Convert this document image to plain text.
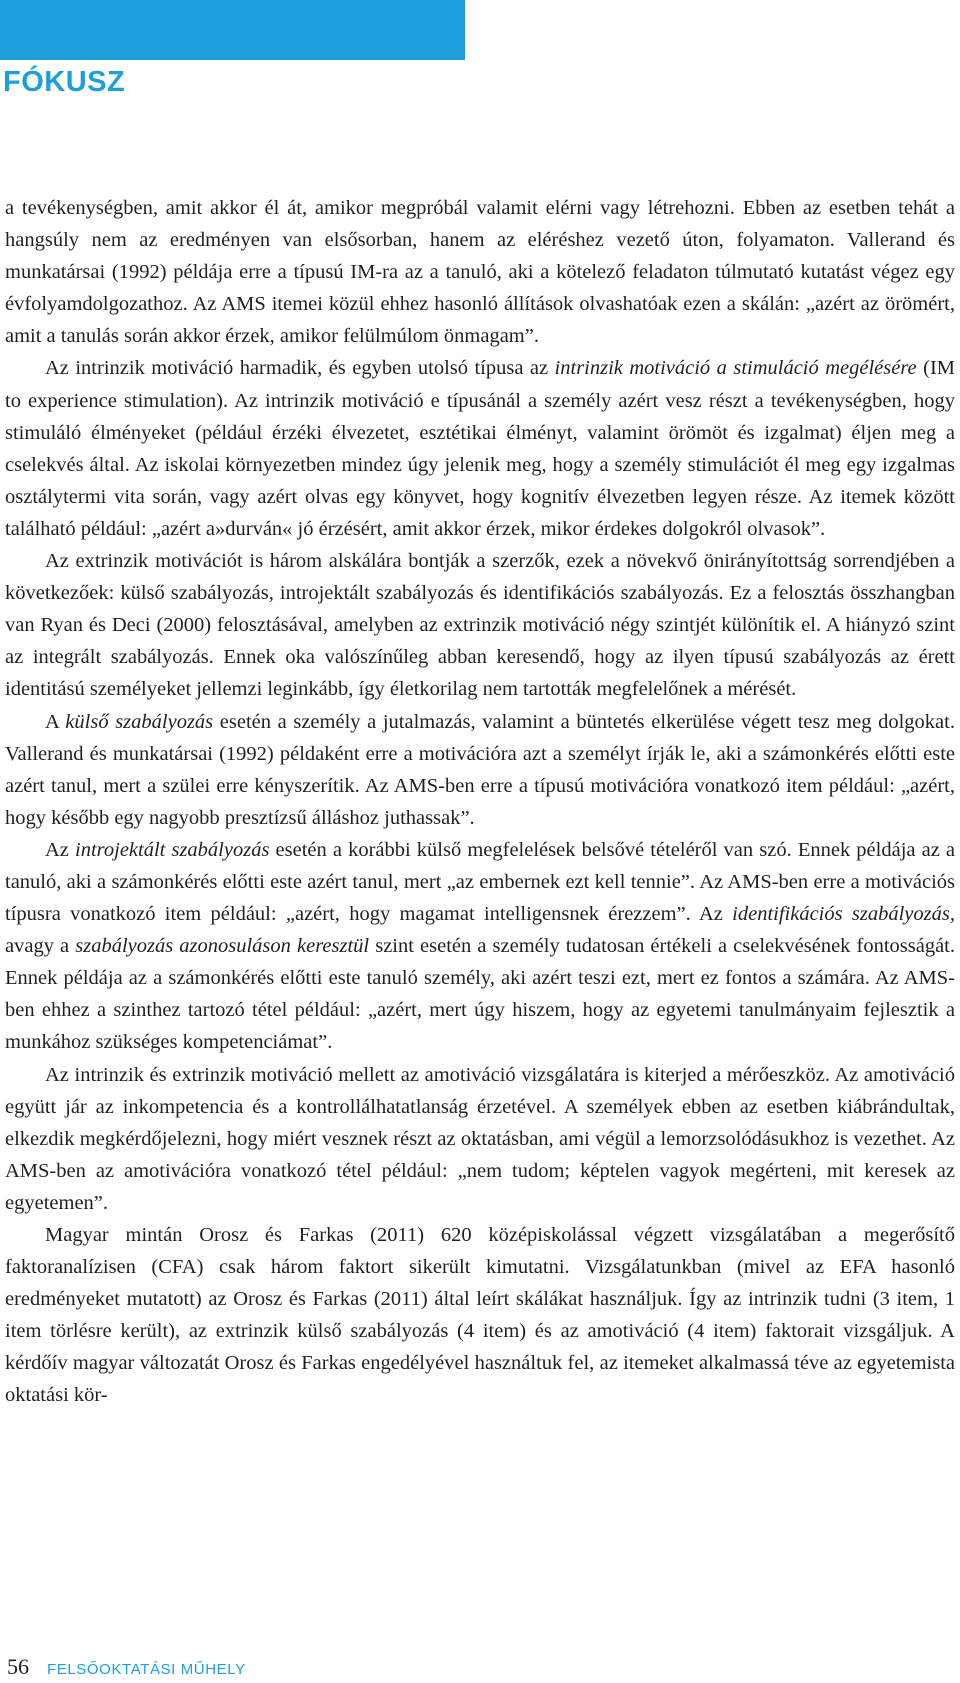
FÓKUSZ

a tevékenységben, amit akkor él át, amikor megpróbál valamit elérni vagy létrehozni. Ebben az esetben tehát a hangsúly nem az eredményen van elsősorban, hanem az eléréshez vezető úton, folyamaton. Vallerand és munkatársai (1992) példája erre a típusú IM-ra az a tanuló, aki a kötelező feladaton túlmutató kutatást végez egy évfolyamdolgozathoz. Az AMS itemei közül ehhez hasonló állítások olvashatóak ezen a skálán: „azért az örömért, amit a tanulás során akkor érzek, amikor felülmúlom önmagam”.

Az intrinzik motiváció harmadik, és egyben utolsó típusa az intrinzik motiváció a stimuláció megélésére (IM to experience stimulation). Az intrinzik motiváció e típusánál a személy azért vesz részt a tevékenységben, hogy stimuláló élményeket (például érzéki élvezetet, esztétikai élményt, valamint örömöt és izgalmat) éljen meg a cselekvés által. Az iskolai környezetben mindez úgy jelenik meg, hogy a személy stimulációt él meg egy izgalmas osztálytermi vita során, vagy azért olvas egy könyvet, hogy kognitív élvezetben legyen része. Az itemek között található például: „azért a»durván« jó érzésért, amit akkor érzek, mikor érdekes dolgokról olvasok”.

Az extrinzik motivációt is három alskálára bontják a szerzők, ezek a növekvő önirányítottság sorrendjében a következőek: külső szabályozás, introjektált szabályozás és identifikációs szabályozás. Ez a felosztás összhangban van Ryan és Deci (2000) felosztásával, amelyben az extrinzik motiváció négy szintjét különítik el. A hiányzó szint az integrált szabályozás. Ennek oka valószínűleg abban keresendő, hogy az ilyen típusú szabályozás az érett identitású személyeket jellemzi leginkább, így életkorilag nem tartották megfelelőnek a mérését.

A külső szabályozás esetén a személy a jutalmazás, valamint a büntetés elkerülése végett tesz meg dolgokat. Vallerand és munkatársai (1992) példaként erre a motivációra azt a személyt írják le, aki a számonkérés előtti este azért tanul, mert a szülei erre kényszerítik. Az AMS-ben erre a típusú motivációra vonatkozó item például: „azért, hogy később egy nagyobb presztízsű álláshoz juthassak”.

Az introjektált szabályozás esetén a korábbi külső megfelelések belsővé tételéről van szó. Ennek példája az a tanuló, aki a számonkérés előtti este azért tanul, mert „az embernek ezt kell tennie”. Az AMS-ben erre a motivációs típusra vonatkozó item például: „azért, hogy magamat intelligensnek érezzem”. Az identifikációs szabályozás, avagy a szabályozás azonosuláson keresztül szint esetén a személy tudatosan értékeli a cselekvésének fontosságát. Ennek példája az a számonkérés előtti este tanuló személy, aki azért teszi ezt, mert ez fontos a számára. Az AMS-ben ehhez a szinthez tartozó tétel például: „azért, mert úgy hiszem, hogy az egyetemi tanulmányaim fejlesztik a munkához szükséges kompetenciámat”.

Az intrinzik és extrinzik motiváció mellett az amotiváció vizsgálatára is kiterjed a mérőeszköz. Az amotiváció együtt jár az inkompetencia és a kontrollálhatatlanság érzetével. A személyek ebben az esetben kiábrándultak, elkezdik megkérdőjelezni, hogy miért vesznek részt az oktatásban, ami végül a lemorzsolódásukhoz is vezethet. Az AMS-ben az amotivációra vonatkozó tétel például: „nem tudom; képtelen vagyok megérteni, mit keresek az egyetemen”.

Magyar mintán Orosz és Farkas (2011) 620 középiskolással végzett vizsgálatában a megerősítő faktoranalízisen (CFA) csak három faktort sikerült kimutatni. Vizsgálatunkban (mivel az EFA hasonló eredményeket mutatott) az Orosz és Farkas (2011) által leírt skálákat használjuk. Így az intrinzik tudni (3 item, 1 item törlésre került), az extrinzik külső szabályozás (4 item) és az amotiváció (4 item) faktorait vizsgáljuk. A kérdőív magyar változatát Orosz és Farkas engedélyével használtuk fel, az itemeket alkalmassá téve az egyetemista oktatási kör-

56 FELSŐOKTATÁSI MŰHELY
